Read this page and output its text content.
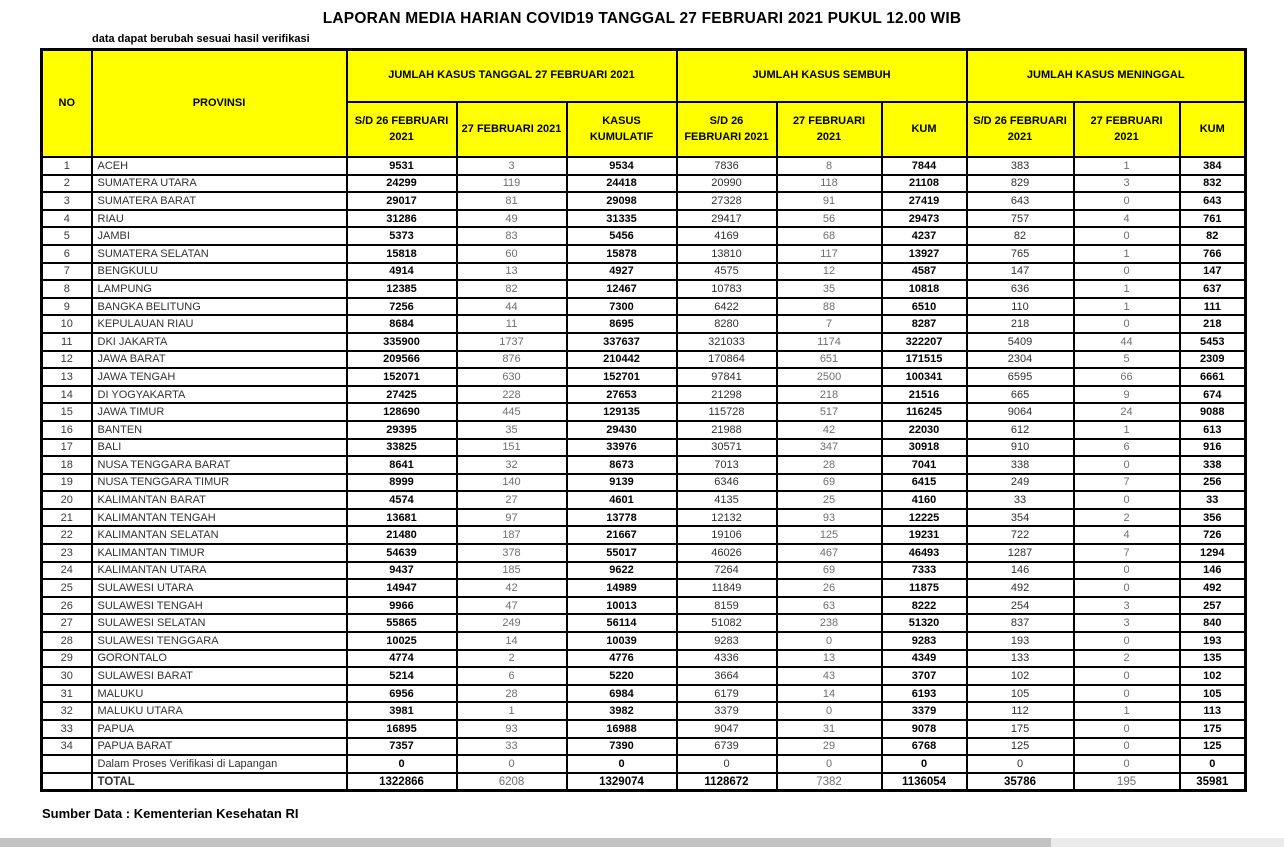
LAPORAN MEDIA HARIAN COVID19 TANGGAL 27 FEBRUARI 2021 PUKUL 12.00 WIB
data dapat berubah sesuai hasil verifikasi
NO	PROVINSI	JUMLAH KASUS TANGGAL 27 FEBRUARI 2021			JUMLAH KASUS SEMBUH			JUMLAH KASUS MENINGGAL		
		S/D 26 FEBRUARI 2021	27 FEBRUARI 2021	KASUS KUMULATIF	S/D 26 FEBRUARI 2021	27 FEBRUARI 2021	KUM	S/D 26 FEBRUARI 2021	27 FEBRUARI 2021	KUM
1	ACEH	9531	3	9534	7836	8	7844	383	1	384
2	SUMATERA UTARA	24299	119	24418	20990	118	21108	829	3	832
3	SUMATERA BARAT	29017	81	29098	27328	91	27419	643	0	643
4	RIAU	31286	49	31335	29417	56	29473	757	4	761
5	JAMBI	5373	83	5456	4169	68	4237	82	0	82
6	SUMATERA SELATAN	15818	60	15878	13810	117	13927	765	1	766
7	BENGKULU	4914	13	4927	4575	12	4587	147	0	147
8	LAMPUNG	12385	82	12467	10783	35	10818	636	1	637
9	BANGKA BELITUNG	7256	44	7300	6422	88	6510	110	1	111
10	KEPULAUAN RIAU	8684	11	8695	8280	7	8287	218	0	218
11	DKI JAKARTA	335900	1737	337637	321033	1174	322207	5409	44	5453
12	JAWA BARAT	209566	876	210442	170864	651	171515	2304	5	2309
13	JAWA TENGAH	152071	630	152701	97841	2500	100341	6595	66	6661
14	DI YOGYAKARTA	27425	228	27653	21298	218	21516	665	9	674
15	JAWA TIMUR	128690	445	129135	115728	517	116245	9064	24	9088
16	BANTEN	29395	35	29430	21988	42	22030	612	1	613
17	BALI	33825	151	33976	30571	347	30918	910	6	916
18	NUSA TENGGARA BARAT	8641	32	8673	7013	28	7041	338	0	338
19	NUSA TENGGARA TIMUR	8999	140	9139	6346	69	6415	249	7	256
20	KALIMANTAN BARAT	4574	27	4601	4135	25	4160	33	0	33
21	KALIMANTAN TENGAH	13681	97	13778	12132	93	12225	354	2	356
22	KALIMANTAN SELATAN	21480	187	21667	19106	125	19231	722	4	726
23	KALIMANTAN TIMUR	54639	378	55017	46026	467	46493	1287	7	1294
24	KALIMANTAN UTARA	9437	185	9622	7264	69	7333	146	0	146
25	SULAWESI UTARA	14947	42	14989	11849	26	11875	492	0	492
26	SULAWESI TENGAH	9966	47	10013	8159	63	8222	254	3	257
27	SULAWESI SELATAN	55865	249	56114	51082	238	51320	837	3	840
28	SULAWESI TENGGARA	10025	14	10039	9283	0	9283	193	0	193
29	GORONTALO	4774	2	4776	4336	13	4349	133	2	135
30	SULAWESI BARAT	5214	6	5220	3664	43	3707	102	0	102
31	MALUKU	6956	28	6984	6179	14	6193	105	0	105
32	MALUKU UTARA	3981	1	3982	3379	0	3379	112	1	113
33	PAPUA	16895	93	16988	9047	31	9078	175	0	175
34	PAPUA BARAT	7357	33	7390	6739	29	6768	125	0	125
	Dalam Proses Verifikasi di Lapangan	0	0	0	0	0	0	0	0	0
	TOTAL	1322866	6208	1329074	1128672	7382	1136054	35786	195	35981
Sumber Data : Kementerian Kesehatan RI
